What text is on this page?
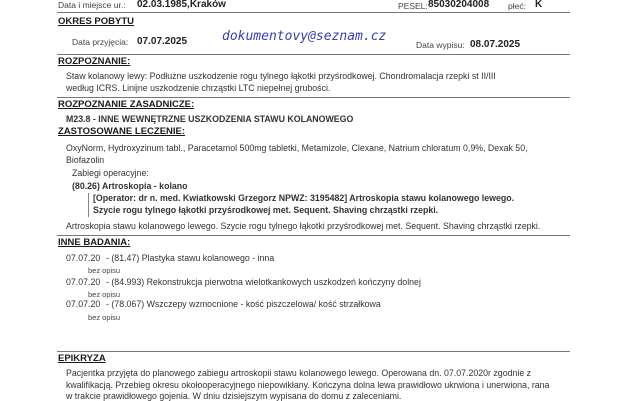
Data i miejsce ur.: 02.03.1985,Kraków	PESEL: 85030204008 płeć: K
OKRES POBYTU
Data przyjęcia: 07.07.2025	dokumentovy@seznam.cz
Data wypisu: 08.07.2025
ROZPOZNANIE:
Staw kolanowy lewy: Podłużne uszkodzenie rogu tylnego łąkotki przyśrodkowej. Chondromalacja rzepki st II/III
według ICRS. Linijne uszkodzenie chrząstki LTC niepełnej grubości.
ROZPOZNANIE ZASADNICZE:
M23.8 - INNE WEWNĘTRZNE USZKODZENIA STAWU KOLANOWEGO
ZASTOSOWANE LECZENIE:
OxyNorm, Hydroxyzinum tabl., Paracetamol 500mg tabletki, Metamizole, Clexane, Natrium chloratum 0,9%, Dexak 50,
Biofazolin
Zabiegi operacyjne:
(80.26) Artroskopia - kolano
[Operator: dr n. med. Kwiatkowski Grzegorz NPWZ: 3195482] Artroskopia stawu kolanowego lewego.
Szycie rogu tylnego łąkotki przyśrodkowej met. Sequent. Shaving chrząstki rzepki.
Artroskopia stawu kolanowego lewego. Szycie rogu tylnego łąkotki przyśrodkowej met. Sequent. Shaving chrząstki rzepki.
INNE BADANIA:
07.07.20 - (81.47) Plastyka stawu kolanowego - inna
bez opisu
07.07.20 - (84.993) Rekonstrukcja pierwotna wielotkankowych uszkodzeń kończyny dolnej
bez opisu
07.07.20 - (78.067) Wszczepy wzmocnione - kość piszczelowa/ kość strzałkowa
bez opisu
EPIKRYZA
Pacjentka przyjęta do planowego zabiegu artroskopii stawu kolanowego lewego. Operowana dn. 07.07.2020r zgodnie z
kwalifikacją. Przebieg okresu okołooperacyjnego niepowikłany. Kończyna dolna lewa prawidłowo ukrwiona i unerwiona, rana
w trakcie prawidłowego gojenia. W dniu dzisiejszym wypisana do domu z zaleceniami.
